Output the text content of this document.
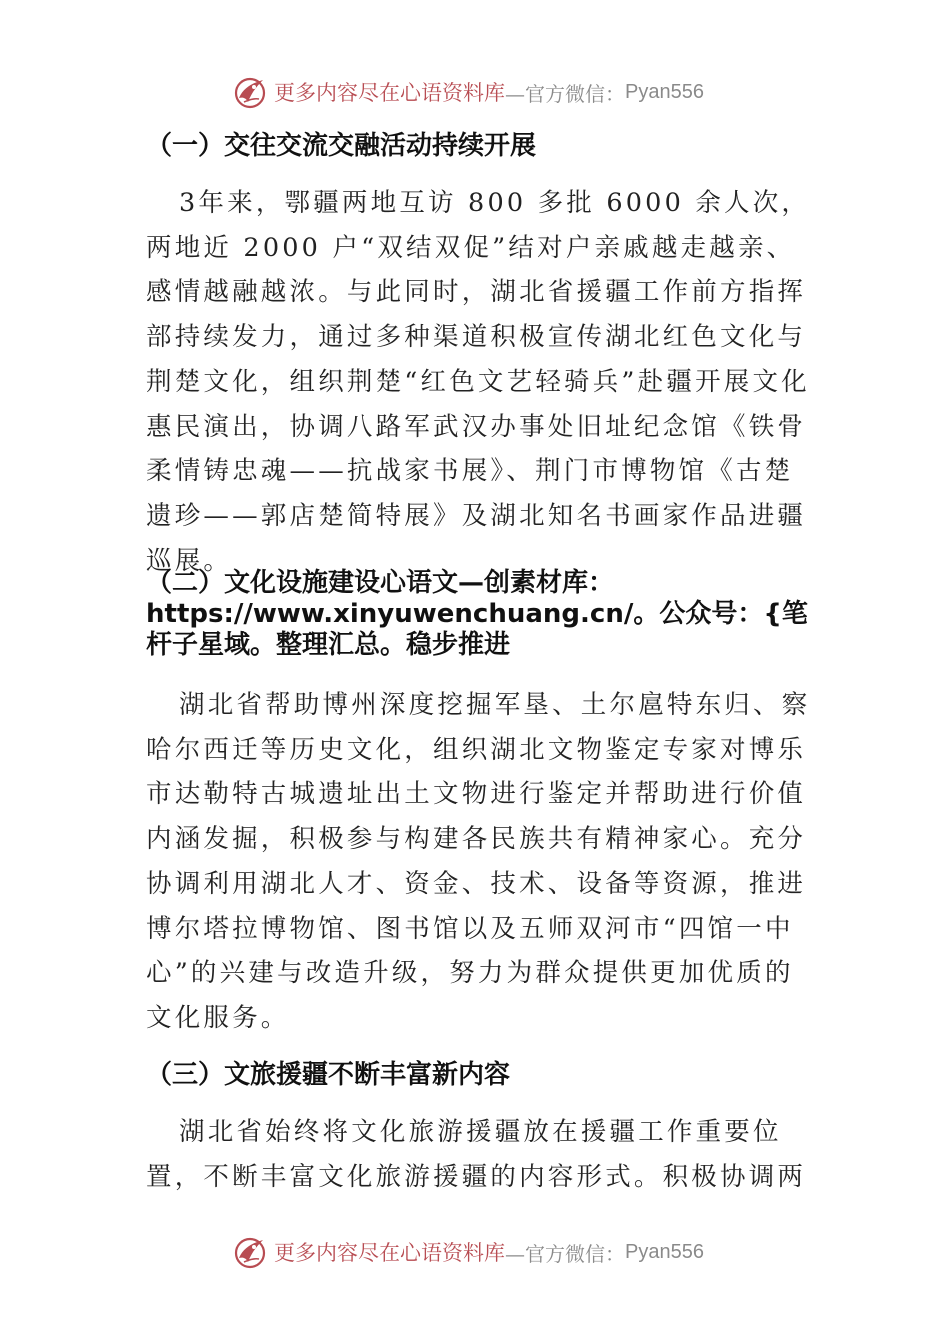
更多内容尽在心语资料库 —官方微信： Pyan556
（一）交往交流交融活动持续开展

3年来，鄂疆两地互访 800 多批 6000 余人次，两地近 2000 户“双结双促”结对户亲戚越走越亲、感情越融越浓。与此同时，湖北省援疆工作前方指挥部持续发力，通过多种渠道积极宣传湖北红色文化与荆楚文化，组织荆楚“红色文艺轻骑兵”赴疆开展文化惠民演出，协调八路军武汉办事处旧址纪念馆《铁骨柔情铸忠魂——抗战家书展》、荆门市博物馆《古楚遗珍——郭店楚简特展》及湖北知名书画家作品进疆巡展。

（二）文化设施建设心语文—创素材库：https://www.xinyuwenchuang.cn/。公众号：{笔杆子星域。整理汇总。稳步推进

湖北省帮助博州深度挖掘军垦、土尔扈特东归、察哈尔西迁等历史文化，组织湖北文物鉴定专家对博乐市达勒特古城遗址出土文物进行鉴定并帮助进行价值内涵发掘，积极参与构建各民族共有精神家心。充分协调利用湖北人才、资金、技术、设备等资源，推进博尔塔拉博物馆、图书馆以及五师双河市“四馆一中心”的兴建与改造升级，努力为群众提供更加优质的文化服务。

（三）文旅援疆不断丰富新内容

湖北省始终将文化旅游援疆放在援疆工作重要位置，不断丰富文化旅游援疆的内容形式。积极协调两

更多内容尽在心语资料库 —官方微信： Pyan556
